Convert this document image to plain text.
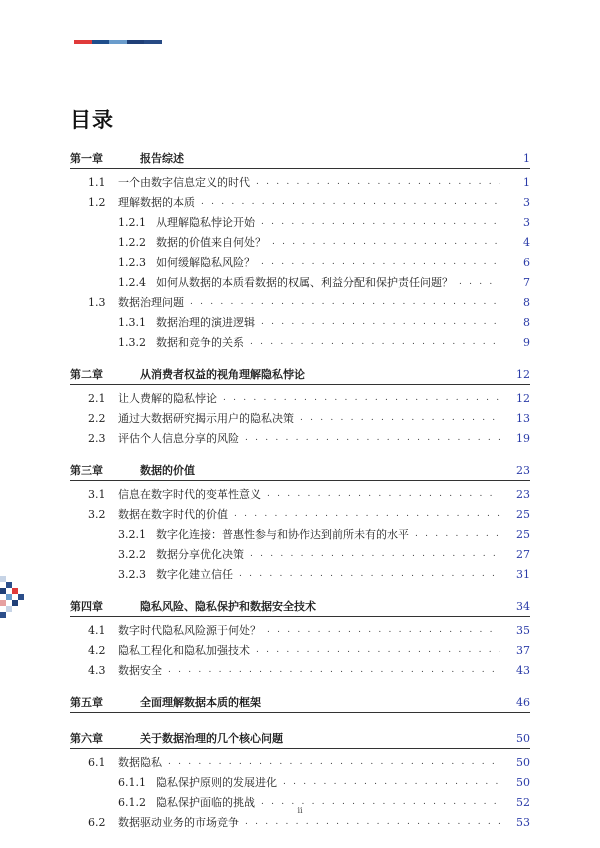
目录
第一章	报告综述	1
1.1	一个由数字信息定义的时代 . . .	1
1.2	理解数据的本质 . . .	3
1.2.1 从理解隐私悖论开始 . . .	3
1.2.2 数据的价值来自何处？ . . .	4
1.2.3 如何缓解隐私风险？ . . .	6
1.2.4 如何从数据的本质看数据的权属、利益分配和保护责任问题？ . . .	7
1.3	数据治理问题 . . .	8
1.3.1 数据治理的演进逻辑 . . .	8
1.3.2 数据和竞争的关系 . . .	9
第二章	从消费者权益的视角理解隐私悖论	12
2.1	让人费解的隐私悖论 . . .	12
2.2	通过大数据研究揭示用户的隐私决策 . . .	13
2.3	评估个人信息分享的风险 . . .	19
第三章	数据的价值	23
3.1	信息在数字时代的变革性意义 . . .	23
3.2	数据在数字时代的价值 . . .	25
3.2.1 数字化连接：普惠性参与和协作达到前所未有的水平 . . .	25
3.2.2 数据分享优化决策 . . .	27
3.2.3 数字化建立信任 . . .	31
第四章	隐私风险、隐私保护和数据安全技术	34
4.1	数字时代隐私风险源于何处？ . . .	35
4.2	隐私工程化和隐私加强技术 . . .	37
4.3	数据安全 . . .	43
第五章	全面理解数据本质的框架	46
第六章	关于数据治理的几个核心问题	50
6.1	数据隐私 . . .	50
6.1.1 隐私保护原则的发展进化 . . .	50
6.1.2 隐私保护面临的挑战 . . .	52
6.2	数据驱动业务的市场竞争 . . .	53
ii
